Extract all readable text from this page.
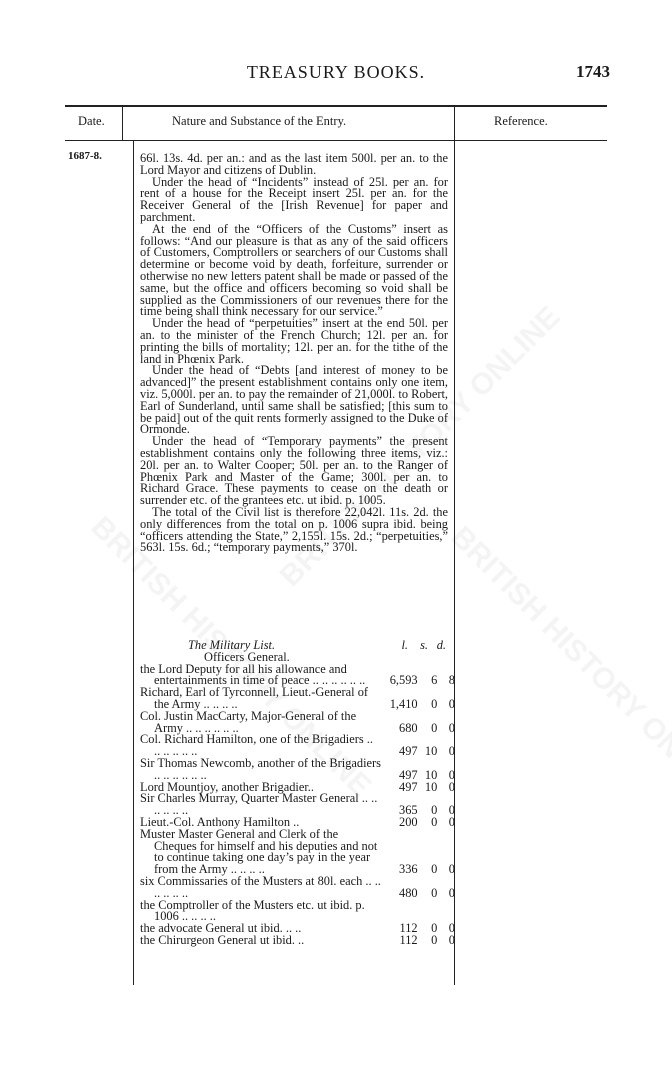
TREASURY BOOKS.	1743
Date.	Nature and Substance of the Entry.	Reference.
1687-8.	66l. 13s. 4d. per an.: and as the last item 500l. per an. to the Lord Mayor and citizens of Dublin.

Under the head of “Incidents” instead of 25l. per an. for rent of a house for the Receipt insert 25l. per an. for the Receiver General of the [Irish Revenue] for paper and parchment.

At the end of the “Officers of the Customs” insert as follows: “And our pleasure is that as any of the said officers of Customers, Comptrollers or searchers of our Customs shall determine or become void by death, forfeiture, surrender or otherwise no new letters patent shall be made or passed of the same, but the office and officers becoming so void shall be supplied as the Commissioners of our revenues there for the time being shall think necessary for our service.”

Under the head of “perpetuities” insert at the end 50l. per an. to the minister of the French Church; 12l. per an. for printing the bills of mortality; 12l. per an. for the tithe of the land in Phœnix Park.

Under the head of “Debts [and interest of money to be advanced]” the present establishment contains only one item, viz. 5,000l. per an. to pay the remainder of 21,000l. to Robert, Earl of Sunderland, until same shall be satisfied; [this sum to be paid] out of the quit rents formerly assigned to the Duke of Ormonde.

Under the head of “Temporary payments” the present establishment contains only the following three items, viz.: 20l. per an. to Walter Cooper; 50l. per an. to the Ranger of Phœnix Park and Master of the Game; 300l. per an. to Richard Grace. These payments to cease on the death or surrender etc. of the grantees etc. ut ibid. p. 1005.

The total of the Civil list is therefore 22,042l. 11s. 2d. the only differences from the total on p. 1006 supra ibid. being “officers attending the State,” 2,155l. 15s. 2d.; “perpetuities,” 563l. 15s. 6d.; “temporary payments,” 370l.

The Military List.	l. s. d.
Officers General.
the Lord Deputy for all his allowance and entertainments in time of peace .. .. .. .. .. ..	6,593	6 8
Richard, Earl of Tyrconnell, Lieut.-General of the Army .. .. .. ..	1,410	0 0
Col. Justin MacCarty, Major-General of the Army .. .. .. .. .. ..	680	0 0
Col. Richard Hamilton, one of the Brigadiers .. .. .. .. .. ..	497 10 0
Sir Thomas Newcomb, another of the Brigadiers .. .. .. .. .. ..	497 10 0
Lord Mountjoy, another Brigadier..	497 10 0
Sir Charles Murray, Quarter Master General .. .. .. .. .. ..	365	0 0
Lieut.-Col. Anthony Hamilton ..	200	0 0
Muster Master General and Clerk of the Cheques for himself and his deputies and not to continue taking one day’s pay in the year from the Army .. .. .. ..	336	0 0
six Commissaries of the Musters at 80l. each .. .. .. .. .. ..	480	0 0
the Comptroller of the Musters etc. ut ibid. p. 1006 .. .. .. ..
the advocate General ut ibid. .. ..	112	0 0
the Chirurgeon General ut ibid. ..	112	0 0
